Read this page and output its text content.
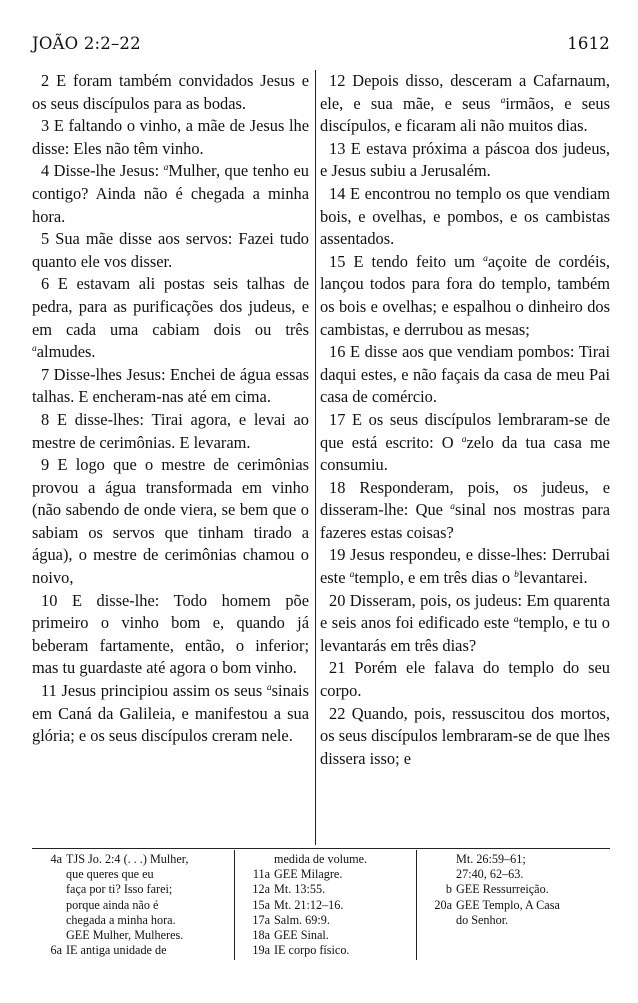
JOÃO 2:2–22	1612

2 E foram também convidados Jesus e os seus discípulos para as bodas.

3 E faltando o vinho, a mãe de Jesus lhe disse: Eles não têm vinho.

4 Disse-lhe Jesus: $^a$Mulher, que tenho eu contigo? Ainda não é chegada a minha hora.

5 Sua mãe disse aos servos: Fazei tudo quanto ele vos disser.

6 E estavam ali postas seis talhas de pedra, para as purificações dos judeus, e em cada uma cabiam dois ou três $^a$almudes.

7 Disse-lhes Jesus: Enchei de água essas talhas. E encheram-nas até em cima.

8 E disse-lhes: Tirai agora, e levai ao mestre de cerimônias. E levaram.

9 E logo que o mestre de cerimônias provou a água transformada em vinho (não sabendo de onde viera, se bem que o sabiam os servos que tinham tirado a água), o mestre de cerimônias chamou o noivo,

10 E disse-lhe: Todo homem põe primeiro o vinho bom e, quando já beberam fartamente, então, o inferior; mas tu guardaste até agora o bom vinho.

11 Jesus principiou assim os seus $^a$sinais em Caná da Galileia, e manifestou a sua glória; e os seus discípulos creram nele.

12 Depois disso, desceram a Cafarnaum, ele, e sua mãe, e seus $^a$irmãos, e seus discípulos, e ficaram ali não muitos dias.

13 E estava próxima a páscoa dos judeus, e Jesus subiu a Jerusalém.

14 E encontrou no templo os que vendiam bois, e ovelhas, e pombos, e os cambistas assentados.

15 E tendo feito um $^a$açoite de cordéis, lançou todos para fora do templo, também os bois e ovelhas; e espalhou o dinheiro dos cambistas, e derrubou as mesas;

16 E disse aos que vendiam pombos: Tirai daqui estes, e não façais da casa de meu Pai casa de comércio.

17 E os seus discípulos lembraram-se de que está escrito: O $^a$zelo da tua casa me consumiu.

18 Responderam, pois, os judeus, e disseram-lhe: Que $^a$sinal nos mostras para fazeres estas coisas?

19 Jesus respondeu, e disse-lhes: Derrubai este $^a$templo, e em três dias o $^b$levantarei.

20 Disseram, pois, os judeus: Em quarenta e seis anos foi edificado este $^a$templo, e tu o levantarás em três dias?

21 Porém ele falava do templo do seu corpo.

22 Quando, pois, ressuscitou dos mortos, os seus discípulos lembraram-se de que lhes dissera isso; e

4a TJS Jo. 2:4 (. . .) Mulher,
que queres que eu
faça por ti? Isso farei;
porque ainda não é
chegada a minha hora.
GEE Mulher, Mulheres.
6a IE antiga unidade de
medida de volume.
11a GEE Milagre.
12a Mt. 13:55.
15a Mt. 21:12–16.
17a Salm. 69:9.
18a GEE Sinal.
19a IE corpo físico.
Mt. 26:59–61;
27:40, 62–63.
b GEE Ressurreição.
20a GEE Templo, A Casa
do Senhor.
